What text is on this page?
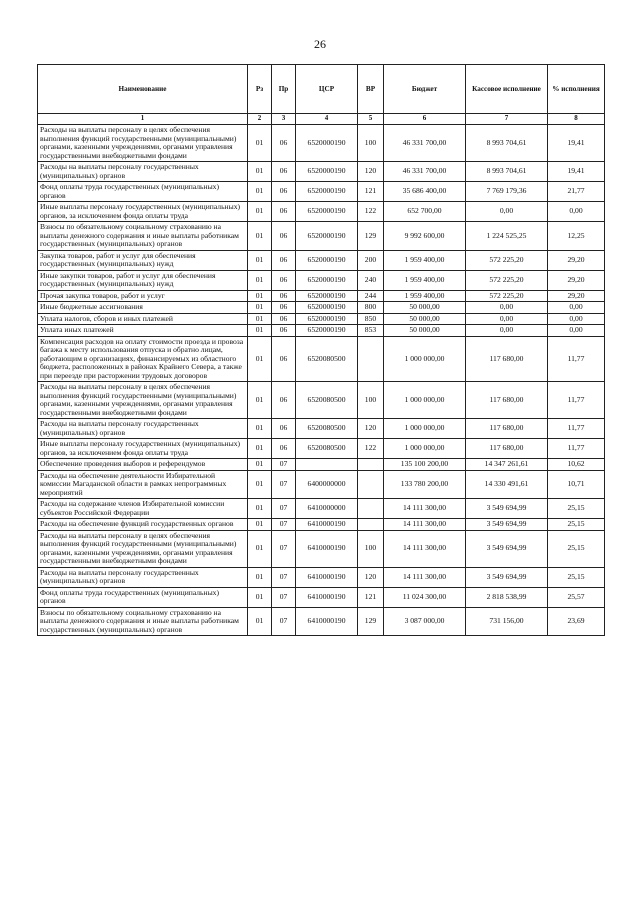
26
Наименование	Рз	Пр	ЦСР	ВР	Бюджет	Кассовое исполнение	% исполнения
1	2	3	4	5	6	7	8
Расходы на выплаты персоналу в целях обеспечения выполнения функций государственными (муниципальными) органами, казенными учреждениями, органами управления государственными внебюджетными фондами	01	06	6520000190	100	46 331 700,00	8 993 704,61	19,41
Расходы на выплаты персоналу государственных (муниципальных) органов	01	06	6520000190	120	46 331 700,00	8 993 704,61	19,41
Фонд оплаты труда государственных (муниципальных) органов	01	06	6520000190	121	35 686 400,00	7 769 179,36	21,77
Иные выплаты персоналу государственных (муниципальных) органов, за исключением фонда оплаты труда	01	06	6520000190	122	652 700,00	0,00	0,00
Взносы по обязательному социальному страхованию на выплаты денежного содержания и иные выплаты работникам государственных (муниципальных) органов	01	06	6520000190	129	9 992 600,00	1 224 525,25	12,25
Закупка товаров, работ и услуг для обеспечения государственных (муниципальных) нужд	01	06	6520000190	200	1 959 400,00	572 225,20	29,20
Иные закупки товаров, работ и услуг для обеспечения государственных (муниципальных) нужд	01	06	6520000190	240	1 959 400,00	572 225,20	29,20
Прочая закупка товаров, работ и услуг	01	06	6520000190	244	1 959 400,00	572 225,20	29,20
Иные бюджетные ассигнования	01	06	6520000190	800	50 000,00	0,00	0,00
Уплата налогов, сборов и иных платежей	01	06	6520000190	850	50 000,00	0,00	0,00
Уплата иных платежей	01	06	6520000190	853	50 000,00	0,00	0,00
Компенсация расходов на оплату стоимости проезда и провоза багажа к месту использования отпуска и обратно лицам, работающим в организациях, финансируемых из областного бюджета, расположенных в районах Крайнего Севера, а также при переезде при расторжении трудовых договоров	01	06	6520080500		1 000 000,00	117 680,00	11,77
Расходы на выплаты персоналу в целях обеспечения выполнения функций государственными (муниципальными) органами, казенными учреждениями, органами управления государственными внебюджетными фондами	01	06	6520080500	100	1 000 000,00	117 680,00	11,77
Расходы на выплаты персоналу государственных (муниципальных) органов	01	06	6520080500	120	1 000 000,00	117 680,00	11,77
Иные выплаты персоналу государственных (муниципальных) органов, за исключением фонда оплаты труда	01	06	6520080500	122	1 000 000,00	117 680,00	11,77
Обеспечение проведения выборов и референдумов	01	07			135 100 200,00	14 347 261,61	10,62
Расходы на обеспечение деятельности Избирательной комиссии Магаданской области в рамках непрограммных мероприятий	01	07	6400000000		133 780 200,00	14 330 491,61	10,71
Расходы на содержание членов Избирательной комиссии субъектов Российской Федерации	01	07	6410000000		14 111 300,00	3 549 694,99	25,15
Расходы на обеспечение функций государственных органов	01	07	6410000190		14 111 300,00	3 549 694,99	25,15
Расходы на выплаты персоналу в целях обеспечения выполнения функций государственными (муниципальными) органами, казенными учреждениями, органами управления государственными внебюджетными фондами	01	07	6410000190	100	14 111 300,00	3 549 694,99	25,15
Расходы на выплаты персоналу государственных (муниципальных) органов	01	07	6410000190	120	14 111 300,00	3 549 694,99	25,15
Фонд оплаты труда государственных (муниципальных) органов	01	07	6410000190	121	11 024 300,00	2 818 538,99	25,57
Взносы по обязательному социальному страхованию на выплаты денежного содержания и иные выплаты работникам государственных (муниципальных) органов	01	07	6410000190	129	3 087 000,00	731 156,00	23,69
